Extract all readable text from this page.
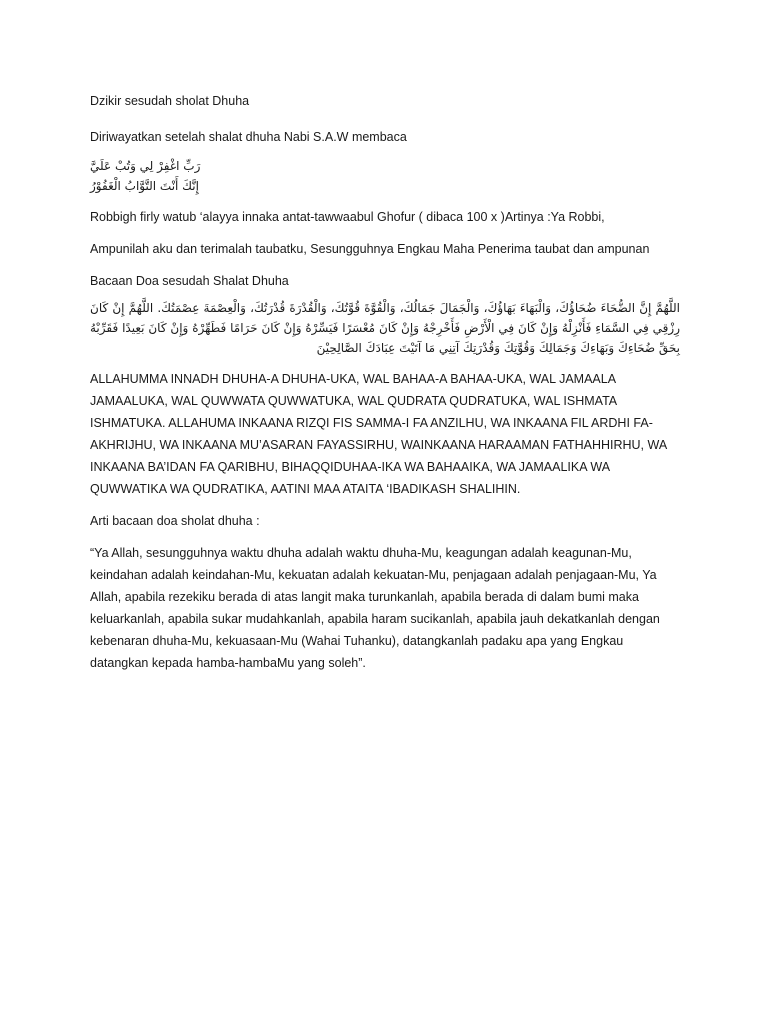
Dzikir sesudah sholat Dhuha

Diriwayatkan setelah shalat dhuha Nabi S.A.W membaca

رَبِّ اغْفِرْ لِي وَتُبْ عَلَيَّ إِنَّكَ أَنْتَ التَّوَّابُ الْغَفُوْرُ

Robbigh firly watub ‘alayya innaka antat-tawwaabul Ghofur ( dibaca 100 x )Artinya :Ya Robbi,

Ampunilah aku dan terimalah taubatku, Sesungguhnya Engkau Maha Penerima taubat dan ampunan

Bacaan Doa sesudah Shalat Dhuha

اللَّهُمَّ إِنَّ الضُّحَاءَ ضُحَاؤُكَ، وَالْبَهَاءَ بَهَاؤُكَ، وَالْجَمَالَ جَمَالُكَ، وَالْقُوَّةَ قُوَّتُكَ، وَالْقُدْرَةَ قُدْرَتُكَ، وَالْعِصْمَةَ عِصْمَتُكَ. اللَّهُمَّ إِنْ كَانَ رِزْقِي فِي السَّمَاءِ فَأَنْزِلْهُ وَإِنْ كَانَ فِي الْأَرْضِ فَأَخْرِجْهُ وَإِنْ كَانَ مُعْسَرًا فَيَسِّرْهُ وَإِنْ كَانَ حَرَامًا فَطَهِّرْهُ وَإِنْ كَانَ بَعِيدًا فَقَرِّبْهُ بِحَقِّ ضُحَاءِكَ وَبَهَاءِكَ وَجَمَالِكَ وَقُوَّتِكَ وَقُدْرَتِكَ آتِنِي مَا آتَيْتَ عِبَادَكَ الصَّالِحِيْنَ

ALLAHUMMA INNADH DHUHA-A DHUHA-UKA, WAL BAHAA-A BAHAA-UKA, WAL JAMAALA JAMAALUKA, WAL QUWWATA QUWWATUKA, WAL QUDRATA QUDRATUKA, WAL ISHMATA ISHMATUKA. ALLAHUMA INKAANA RIZQI FIS SAMMA-I FA ANZILHU, WA INKAANA FIL ARDHI FA-AKHRIJHU, WA INKAANA MU’ASARAN FAYASSIRHU, WAINKAANA HARAAMAN FATHAHHIRHU, WA INKAANA BA’IDAN FA QARIBHU, BIHAQQIDUHAA-IKA WA BAHAAIKA, WA JAMAALIKA WA QUWWATIKA WA QUDRATIKA, AATINI MAA ATAITA ‘IBADIKASH SHALIHIN.

Arti bacaan doa sholat dhuha :

“Ya Allah, sesungguhnya waktu dhuha adalah waktu dhuha-Mu, keagungan adalah keagunan-Mu, keindahan adalah keindahan-Mu, kekuatan adalah kekuatan-Mu, penjagaan adalah penjagaan-Mu, Ya Allah, apabila rezekiku berada di atas langit maka turunkanlah, apabila berada di dalam bumi maka keluarkanlah, apabila sukar mudahkanlah, apabila haram sucikanlah, apabila jauh dekatkanlah dengan kebenaran dhuha-Mu, kekuasaan-Mu (Wahai Tuhanku), datangkanlah padaku apa yang Engkau datangkan kepada hamba-hambaMu yang soleh”.
